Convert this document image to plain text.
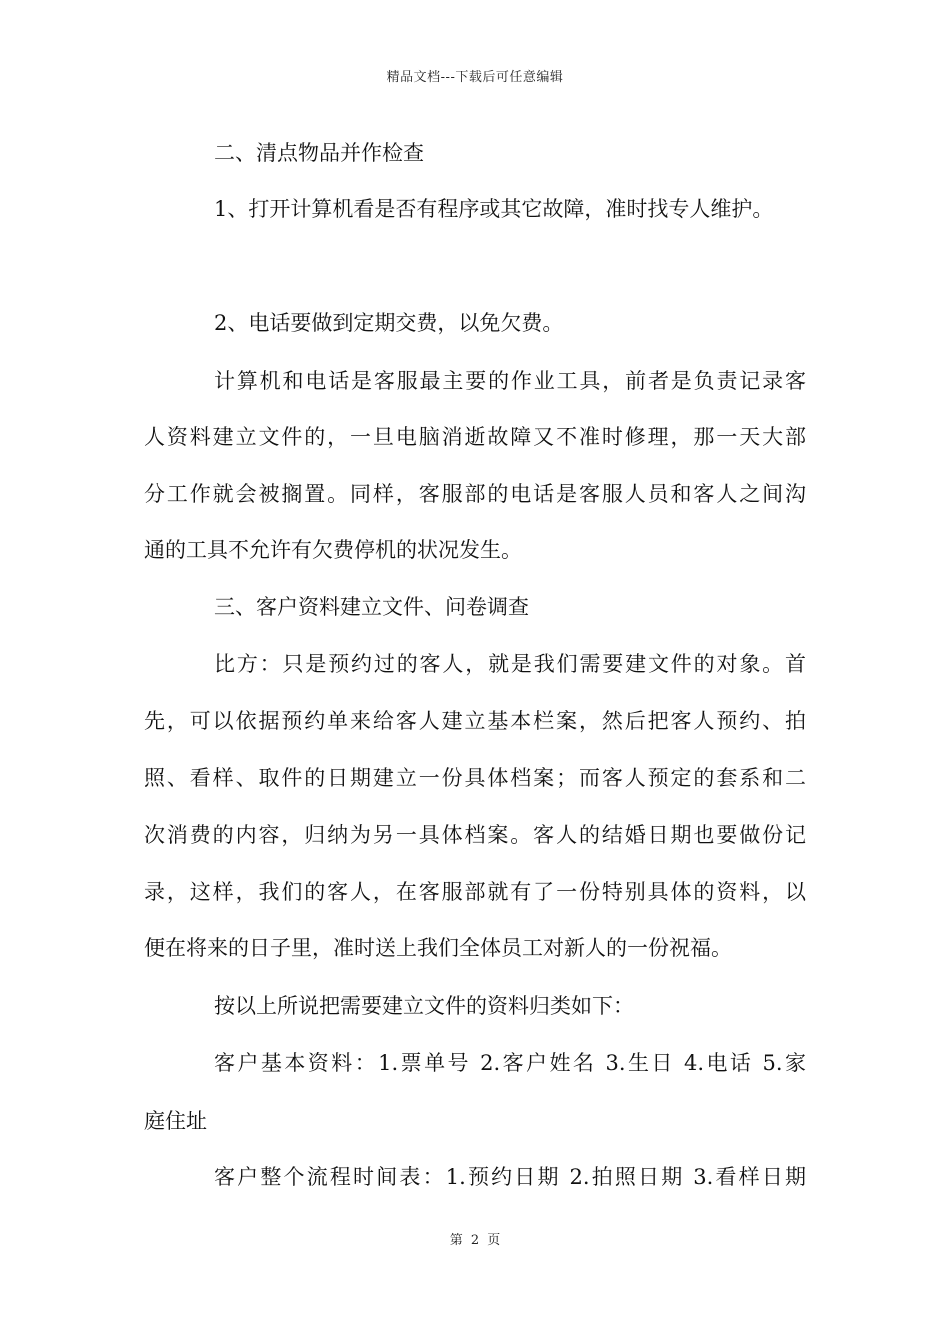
精品文档---下载后可任意编辑
二、清点物品并作检查
1、打开计算机看是否有程序或其它故障，准时找专人维护。
2、电话要做到定期交费，以免欠费。
计算机和电话是客服最主要的作业工具，前者是负责记录客
人资料建立文件的，一旦电脑消逝故障又不准时修理，那一天大部
分工作就会被搁置。同样，客服部的电话是客服人员和客人之间沟
通的工具不允许有欠费停机的状况发生。
三、客户资料建立文件、问卷调查
比方：只是预约过的客人，就是我们需要建文件的对象。首
先，可以依据预约单来给客人建立基本栏案，然后把客人预约、拍
照、看样、取件的日期建立一份具体档案；而客人预定的套系和二
次消费的内容，归纳为另一具体档案。客人的结婚日期也要做份记
录，这样，我们的客人，在客服部就有了一份特别具体的资料，以
便在将来的日子里，准时送上我们全体员工对新人的一份祝福。
按以上所说把需要建立文件的资料归类如下：
客户基本资料：1.票单号 2.客户姓名 3.生日 4.电话 5.家
庭住址
客户整个流程时间表：1.预约日期 2.拍照日期 3.看样日期
第 2 页
